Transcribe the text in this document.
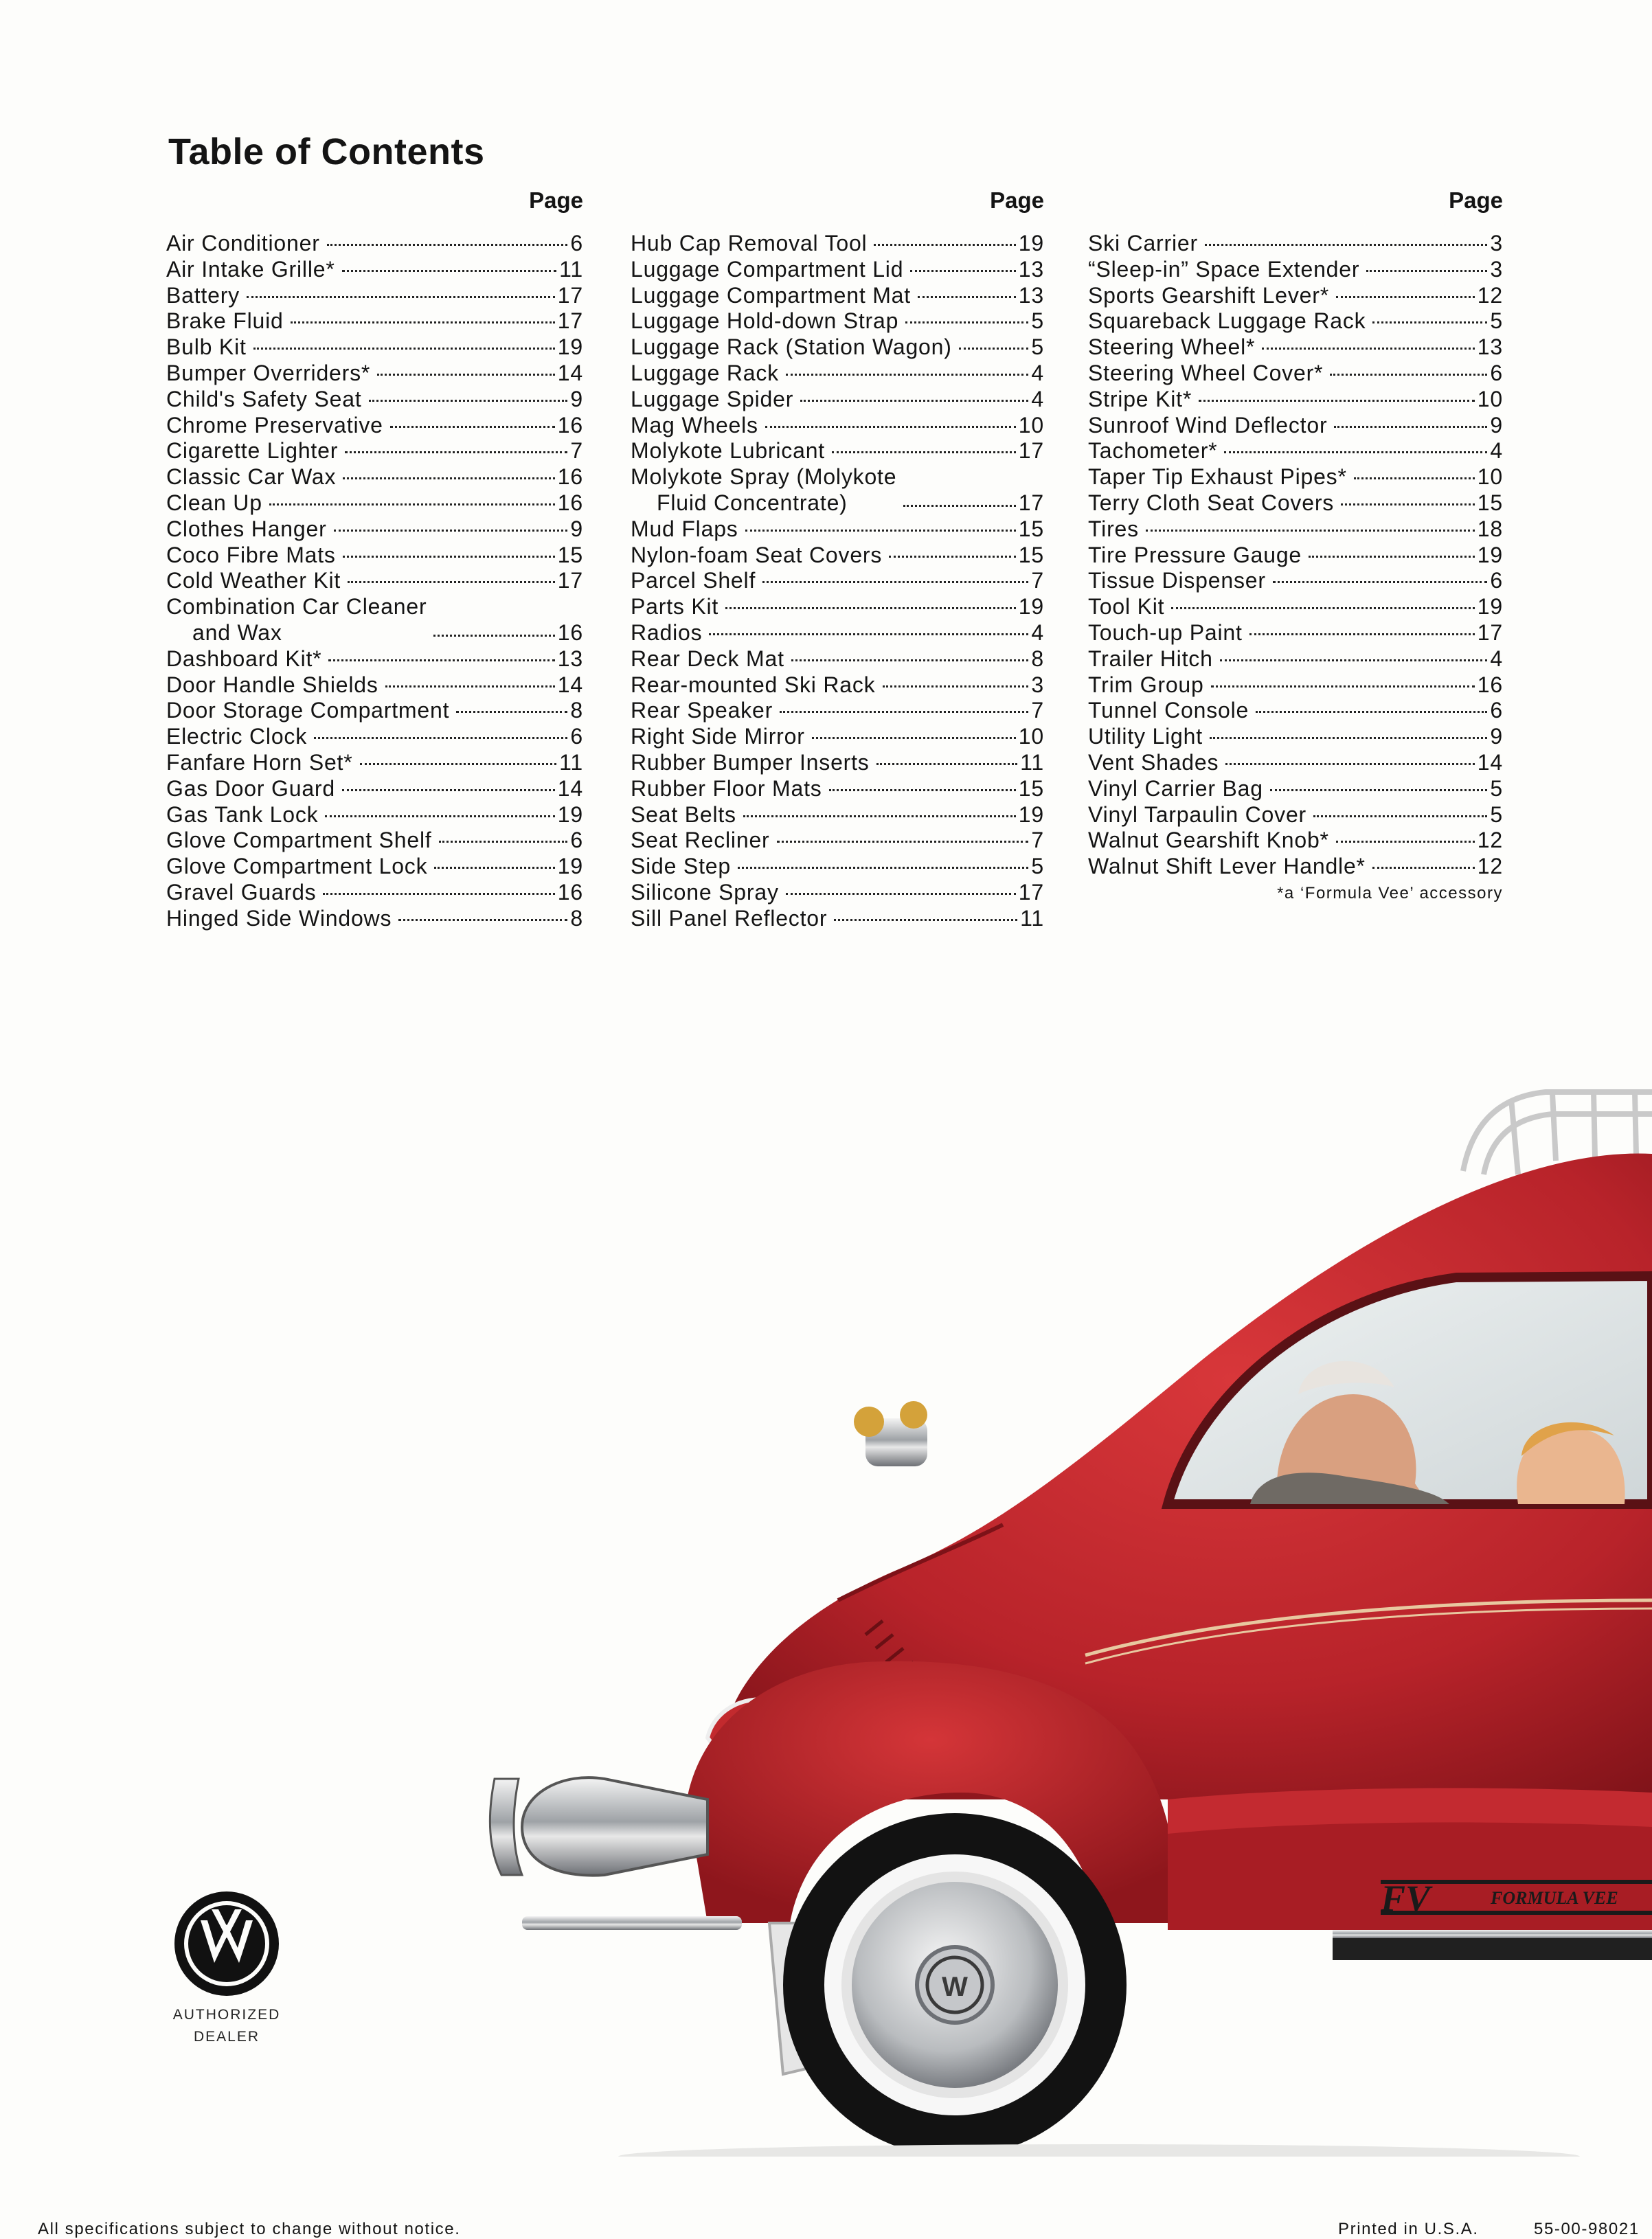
Table of Contents
Page
Air Conditioner	6
Air Intake Grille*	11
Battery	17
Brake Fluid	17
Bulb Kit	19
Bumper Overriders*	14
Child's Safety Seat	9
Chrome Preservative	16
Cigarette Lighter	7
Classic Car Wax	16
Clean Up	16
Clothes Hanger	9
Coco Fibre Mats	15
Cold Weather Kit	17
Combination Car Cleaner
and Wax	16
Dashboard Kit*	13
Door Handle Shields	14
Door Storage Compartment	8
Electric Clock	6
Fanfare Horn Set*	11
Gas Door Guard	14
Gas Tank Lock	19
Glove Compartment Shelf	6
Glove Compartment Lock	19
Gravel Guards	16
Hinged Side Windows	8
Page
Hub Cap Removal Tool	19
Luggage Compartment Lid	13
Luggage Compartment Mat	13
Luggage Hold-down Strap	5
Luggage Rack (Station Wagon)	5
Luggage Rack	4
Luggage Spider	4
Mag Wheels	10
Molykote Lubricant	17
Molykote Spray (Molykote
Fluid Concentrate)	17
Mud Flaps	15
Nylon-foam Seat Covers	15
Parcel Shelf	7
Parts Kit	19
Radios	4
Rear Deck Mat	8
Rear-mounted Ski Rack	3
Rear Speaker	7
Right Side Mirror	10
Rubber Bumper Inserts	11
Rubber Floor Mats	15
Seat Belts	19
Seat Recliner	7
Side Step	5
Silicone Spray	17
Sill Panel Reflector	11
Page
Ski Carrier	3
“Sleep-in” Space Extender	3
Sports Gearshift Lever*	12
Squareback Luggage Rack	5
Steering Wheel*	13
Steering Wheel Cover*	6
Stripe Kit*	10
Sunroof Wind Deflector	9
Tachometer*	4
Taper Tip Exhaust Pipes*	10
Terry Cloth Seat Covers	15
Tires	18
Tire Pressure Gauge	19
Tissue Dispenser	6
Tool Kit	19
Touch-up Paint	17
Trailer Hitch	4
Trim Group	16
Tunnel Console	6
Utility Light	9
Vent Shades	14
Vinyl Carrier Bag	5
Vinyl Tarpaulin Cover	5
Walnut Gearshift Knob*	12
Walnut Shift Lever Handle*	12
*a ‘Formula Vee’ accessory
FV	FORMULA VEE
W
AUTHORIZED
DEALER
All specifications subject to change without notice.	Printed in U.S.A.	55-00-98021
